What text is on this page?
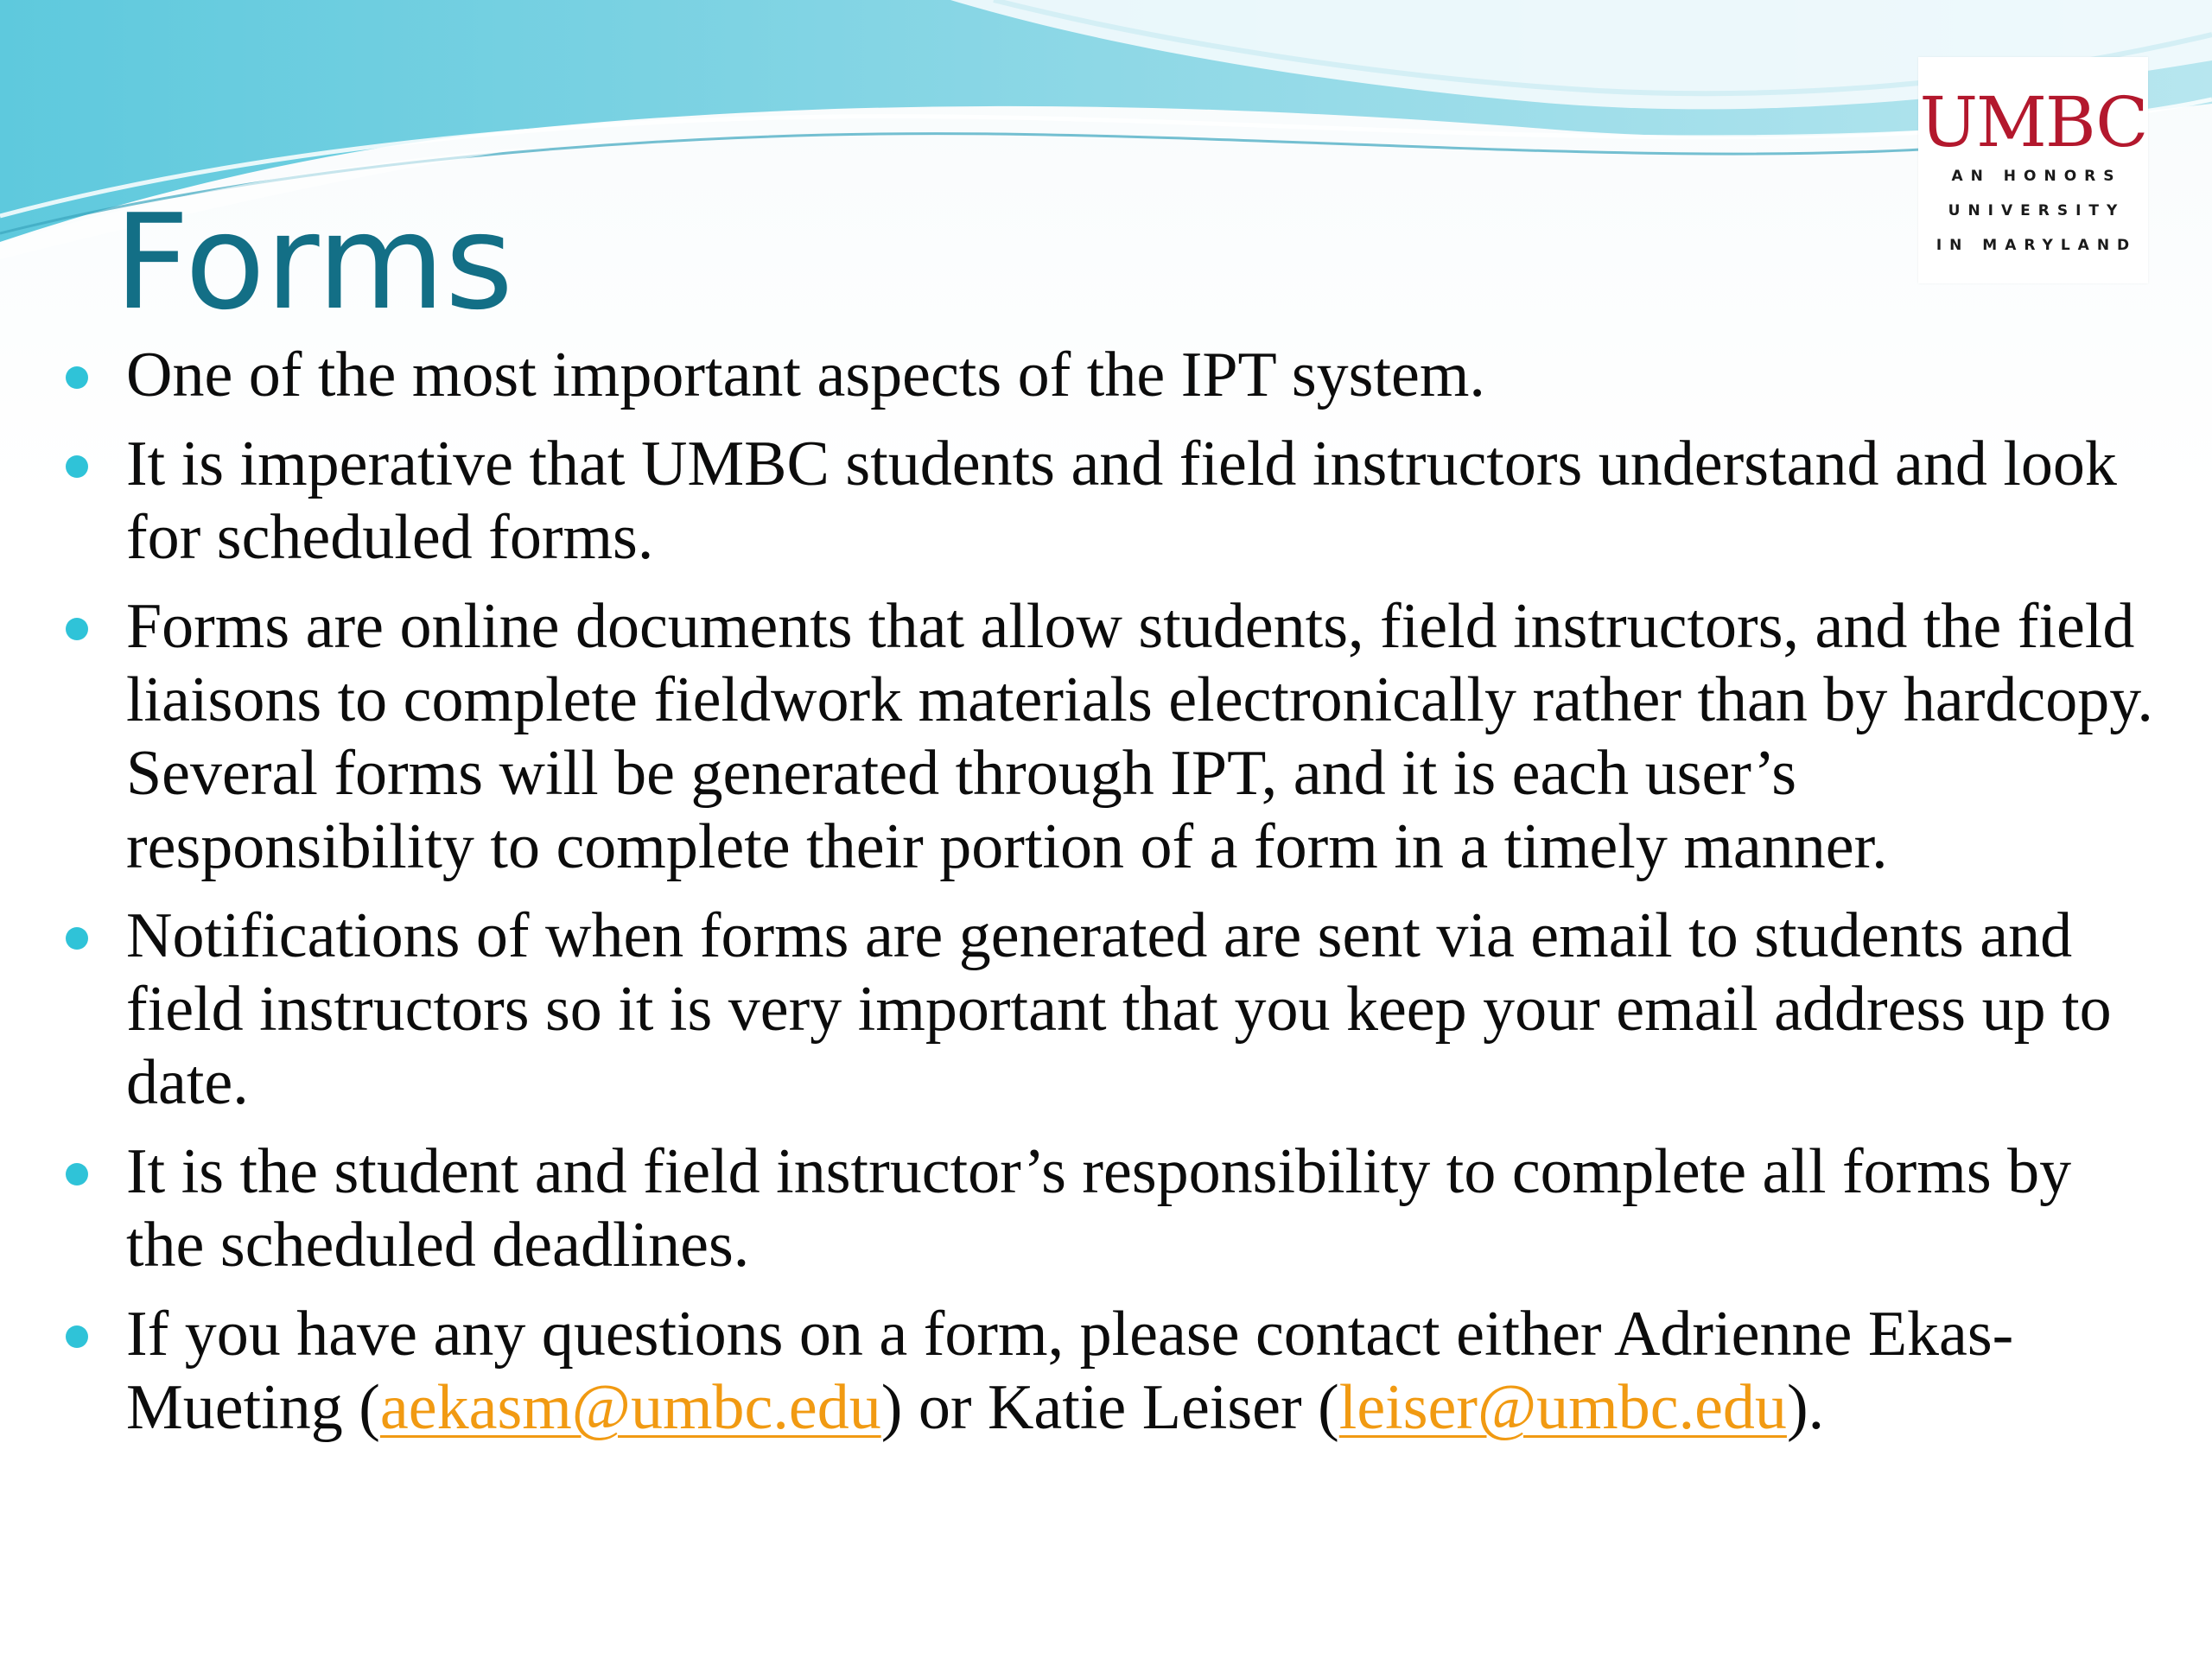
UMBC
AN HONORS
UNIVERSITY
IN MARYLAND
Forms
One of the most important aspects of the IPT system.
It is imperative that UMBC students and field instructors understand and look for scheduled forms.
Forms are online documents that allow students, field instructors, and the field liaisons to complete fieldwork materials electronically rather than by hardcopy. Several forms will be generated through IPT, and it is each user’s responsibility to complete their portion of a form in a timely manner.
Notifications of when forms are generated are sent via email to students and field instructors so it is very important that you keep your email address up to date.
It is the student and field instructor’s responsibility to complete all forms by the scheduled deadlines.
If you have any questions on a form, please contact either Adrienne Ekas-Mueting (aekasm@umbc.edu) or Katie Leiser (leiser@umbc.edu).
